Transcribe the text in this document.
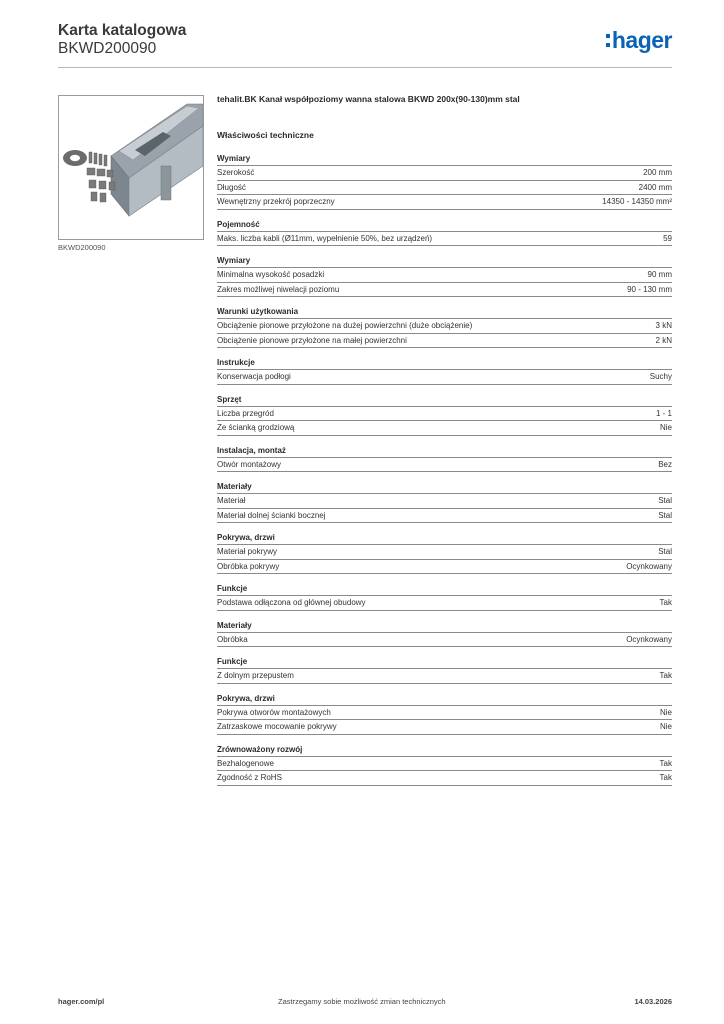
Karta katalogowa
BKWD200090	hager
BKWD200090
tehalit.BK Kanał współpoziomy wanna stalowa BKWD 200x(90-130)mm stal
Właściwości techniczne
Wymiary
Szerokość	200 mm
Długość	2400 mm
Wewnętrzny przekrój poprzeczny	14350 - 14350 mm²
Pojemność
Maks. liczba kabli (Ø11mm, wypełnienie 50%, bez urządzeń)	59
Wymiary
Minimalna wysokość posadzki	90 mm
Zakres możliwej niwelacji poziomu	90 - 130 mm
Warunki użytkowania
Obciążenie pionowe przyłożone na dużej powierzchni (duże obciążenie)	3 kN
Obciążenie pionowe przyłożone na małej powierzchni	2 kN
Instrukcje
Konserwacja podłogi	Suchy
Sprzęt
Liczba przegród	1 - 1
Ze ścianką grodziową	Nie
Instalacja, montaż
Otwór montażowy	Bez
Materiały
Materiał	Stal
Materiał dolnej ścianki bocznej	Stal
Pokrywa, drzwi
Materiał pokrywy	Stal
Obróbka pokrywy	Ocynkowany
Funkcje
Podstawa odłączona od głównej obudowy	Tak
Materiały
Obróbka	Ocynkowany
Funkcje
Z dolnym przepustem	Tak
Pokrywa, drzwi
Pokrywa otworów montażowych	Nie
Zatrzaskowe mocowanie pokrywy	Nie
Zrównoważony rozwój
Bezhalogenowe	Tak
Zgodność z RoHS	Tak
hager.com/pl	Zastrzegamy sobie możliwość zmian technicznych	14.03.2026
